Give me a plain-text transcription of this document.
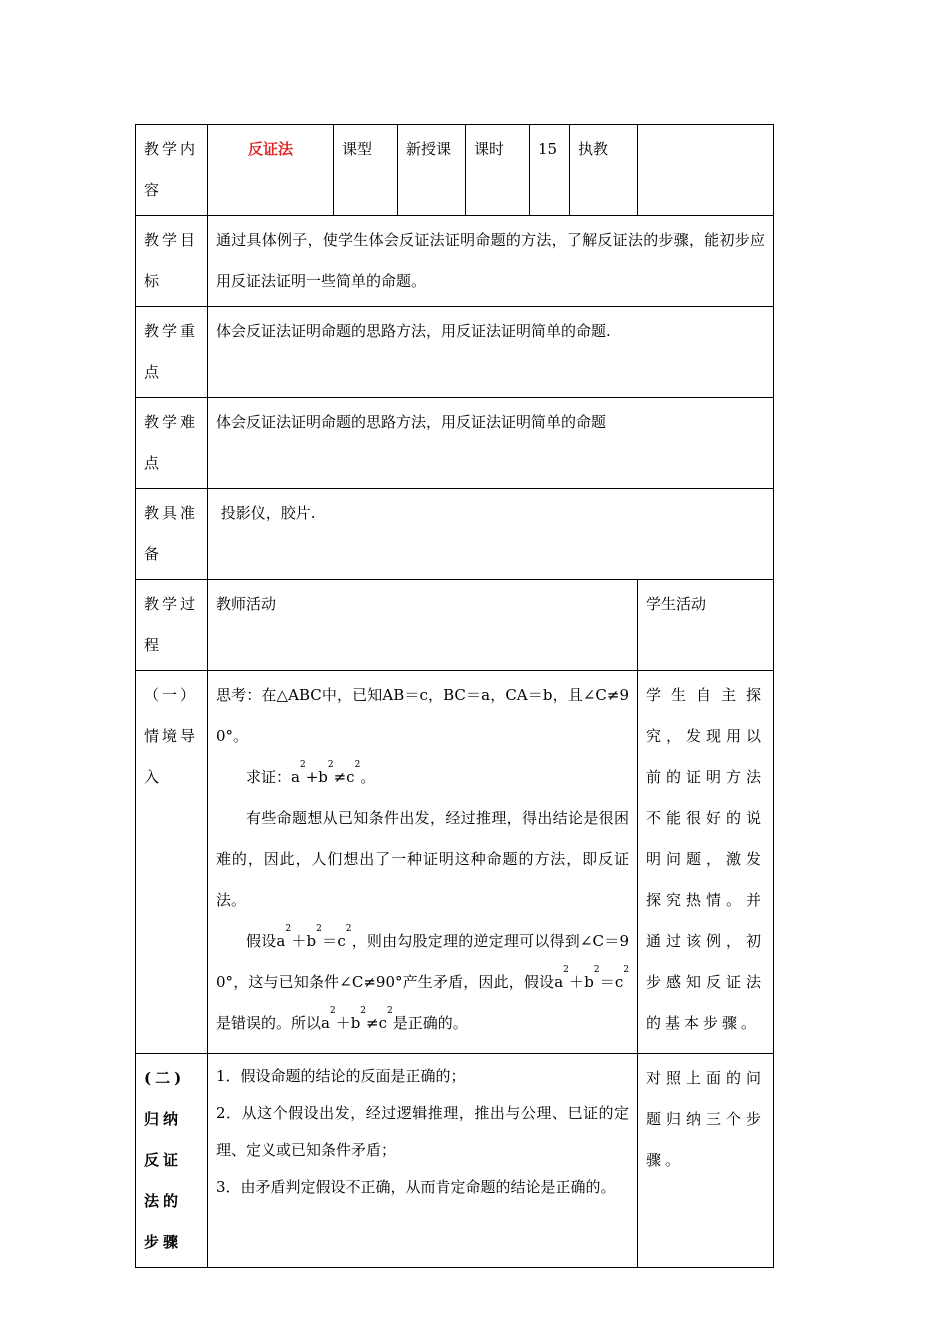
教学内容	反证法	课型	新授课	课时	15	执教	
教学目标	通过具体例子，使学生体会反证法证明命题的方法，了解反证法的步骤，能初步应用反证法证明一些简单的命题。						
教学重点	体会反证法证明命题的思路方法，用反证法证明简单的命题.						
教学难点	体会反证法证明命题的思路方法，用反证法证明简单的命题						
教具准备	投影仪，胶片.						
教学过程	教师活动						学生活动
（一）情境导入	思考：在△ABC中，已知AB＝c，BC＝a，CA＝b，且∠C≠90°。
求证：$a^2+b^2\ne c^2$。
有些命题想从已知条件出发，经过推理，得出结论是很困难的，因此，人们想出了一种证明这种命题的方法，即反证法。
假设$a^2+b^2=c^2$，则由勾股定理的逆定理可以得到∠C＝90°，这与已知条件∠C≠90°产生矛盾，因此，假设$a^2+b^2=c^2$是错误的。所以$a^2+b^2\ne c^2$是正确的。						学生自主探究，发现用以前的证明方法不能很好的说明问题，激发探究热情。并通过该例，初步感知反证法的基本步骤。
(二)归纳反证法的步骤	1．假设命题的结论的反面是正确的；
2．从这个假设出发，经过逻辑推理，推出与公理、巳证的定理、定义或已知条件矛盾；
3．由矛盾判定假设不正确，从而肯定命题的结论是正确的。						对照上面的问题归纳三个步骤。
